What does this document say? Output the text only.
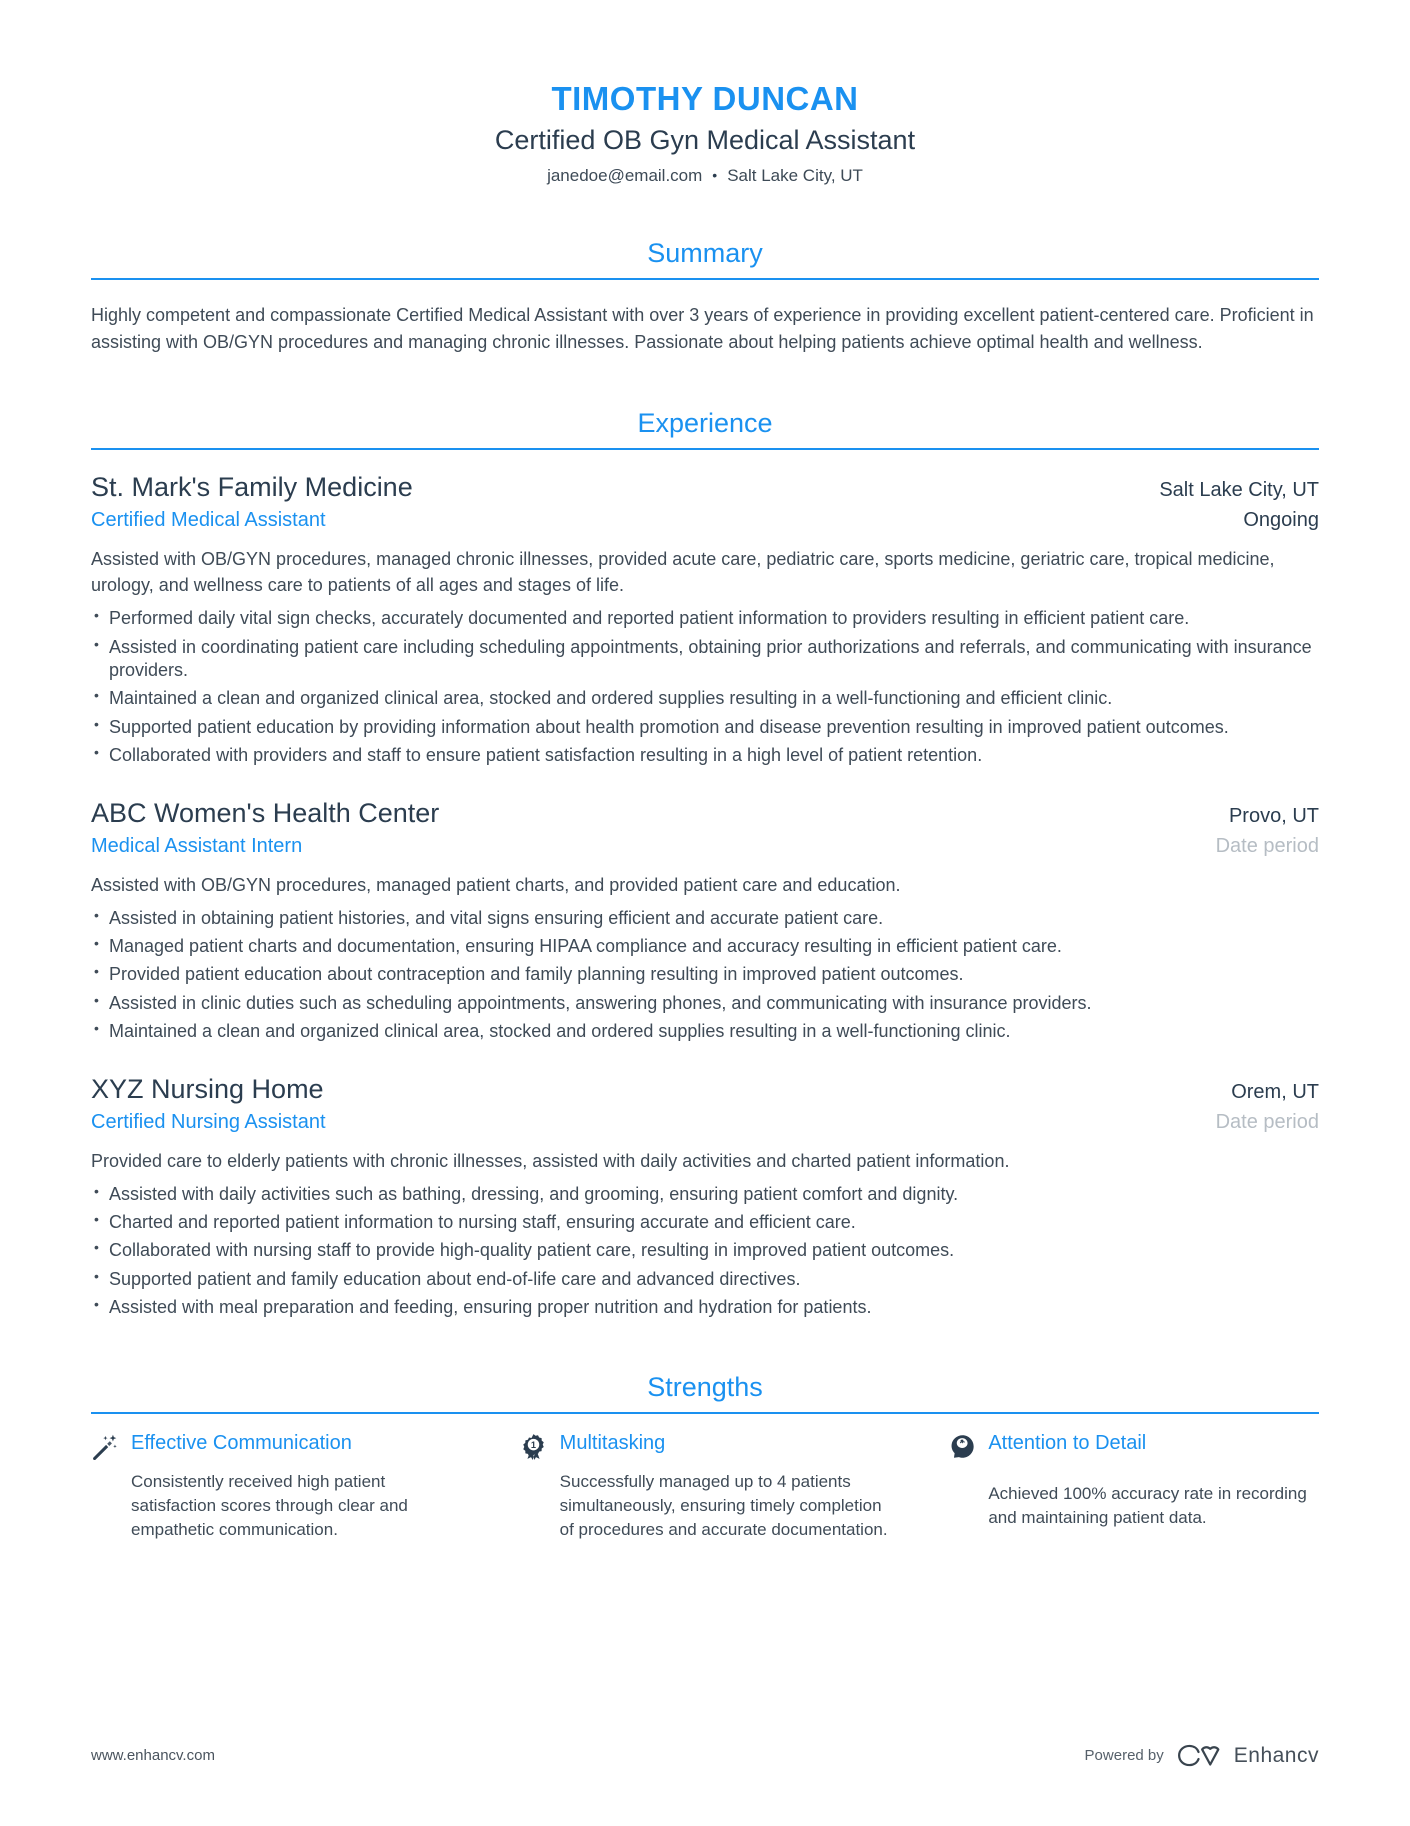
TIMOTHY DUNCAN
Certified OB Gyn Medical Assistant
janedoe@email.com • Salt Lake City, UT
Summary

Highly competent and compassionate Certified Medical Assistant with over 3 years of experience in providing excellent patient-centered care. Proficient in assisting with OB/GYN procedures and managing chronic illnesses. Passionate about helping patients achieve optimal health and wellness.

Experience
St. Mark's Family Medicine	Salt Lake City, UT
Certified Medical Assistant	Ongoing
Assisted with OB/GYN procedures, managed chronic illnesses, provided acute care, pediatric care, sports medicine, geriatric care, tropical medicine, urology, and wellness care to patients of all ages and stages of life.
• Performed daily vital sign checks, accurately documented and reported patient information to providers resulting in efficient patient care.
• Assisted in coordinating patient care including scheduling appointments, obtaining prior authorizations and referrals, and communicating with insurance providers.
• Maintained a clean and organized clinical area, stocked and ordered supplies resulting in a well-functioning and efficient clinic.
• Supported patient education by providing information about health promotion and disease prevention resulting in improved patient outcomes.
• Collaborated with providers and staff to ensure patient satisfaction resulting in a high level of patient retention.
ABC Women's Health Center	Provo, UT
Medical Assistant Intern	Date period
Assisted with OB/GYN procedures, managed patient charts, and provided patient care and education.
• Assisted in obtaining patient histories, and vital signs ensuring efficient and accurate patient care.
• Managed patient charts and documentation, ensuring HIPAA compliance and accuracy resulting in efficient patient care.
• Provided patient education about contraception and family planning resulting in improved patient outcomes.
• Assisted in clinic duties such as scheduling appointments, answering phones, and communicating with insurance providers.
• Maintained a clean and organized clinical area, stocked and ordered supplies resulting in a well-functioning clinic.
XYZ Nursing Home	Orem, UT
Certified Nursing Assistant	Date period
Provided care to elderly patients with chronic illnesses, assisted with daily activities and charted patient information.
• Assisted with daily activities such as bathing, dressing, and grooming, ensuring patient comfort and dignity.
• Charted and reported patient information to nursing staff, ensuring accurate and efficient care.
• Collaborated with nursing staff to provide high-quality patient care, resulting in improved patient outcomes.
• Supported patient and family education about end-of-life care and advanced directives.
• Assisted with meal preparation and feeding, ensuring proper nutrition and hydration for patients.
Strengths
Effective Communication
Consistently received high patient satisfaction scores through clear and empathetic communication.
1 Multitasking
Successfully managed up to 4 patients simultaneously, ensuring timely completion of procedures and accurate documentation.
Attention to Detail
Achieved 100% accuracy rate in recording and maintaining patient data.
www.enhancv.com	Powered by	Enhancv
